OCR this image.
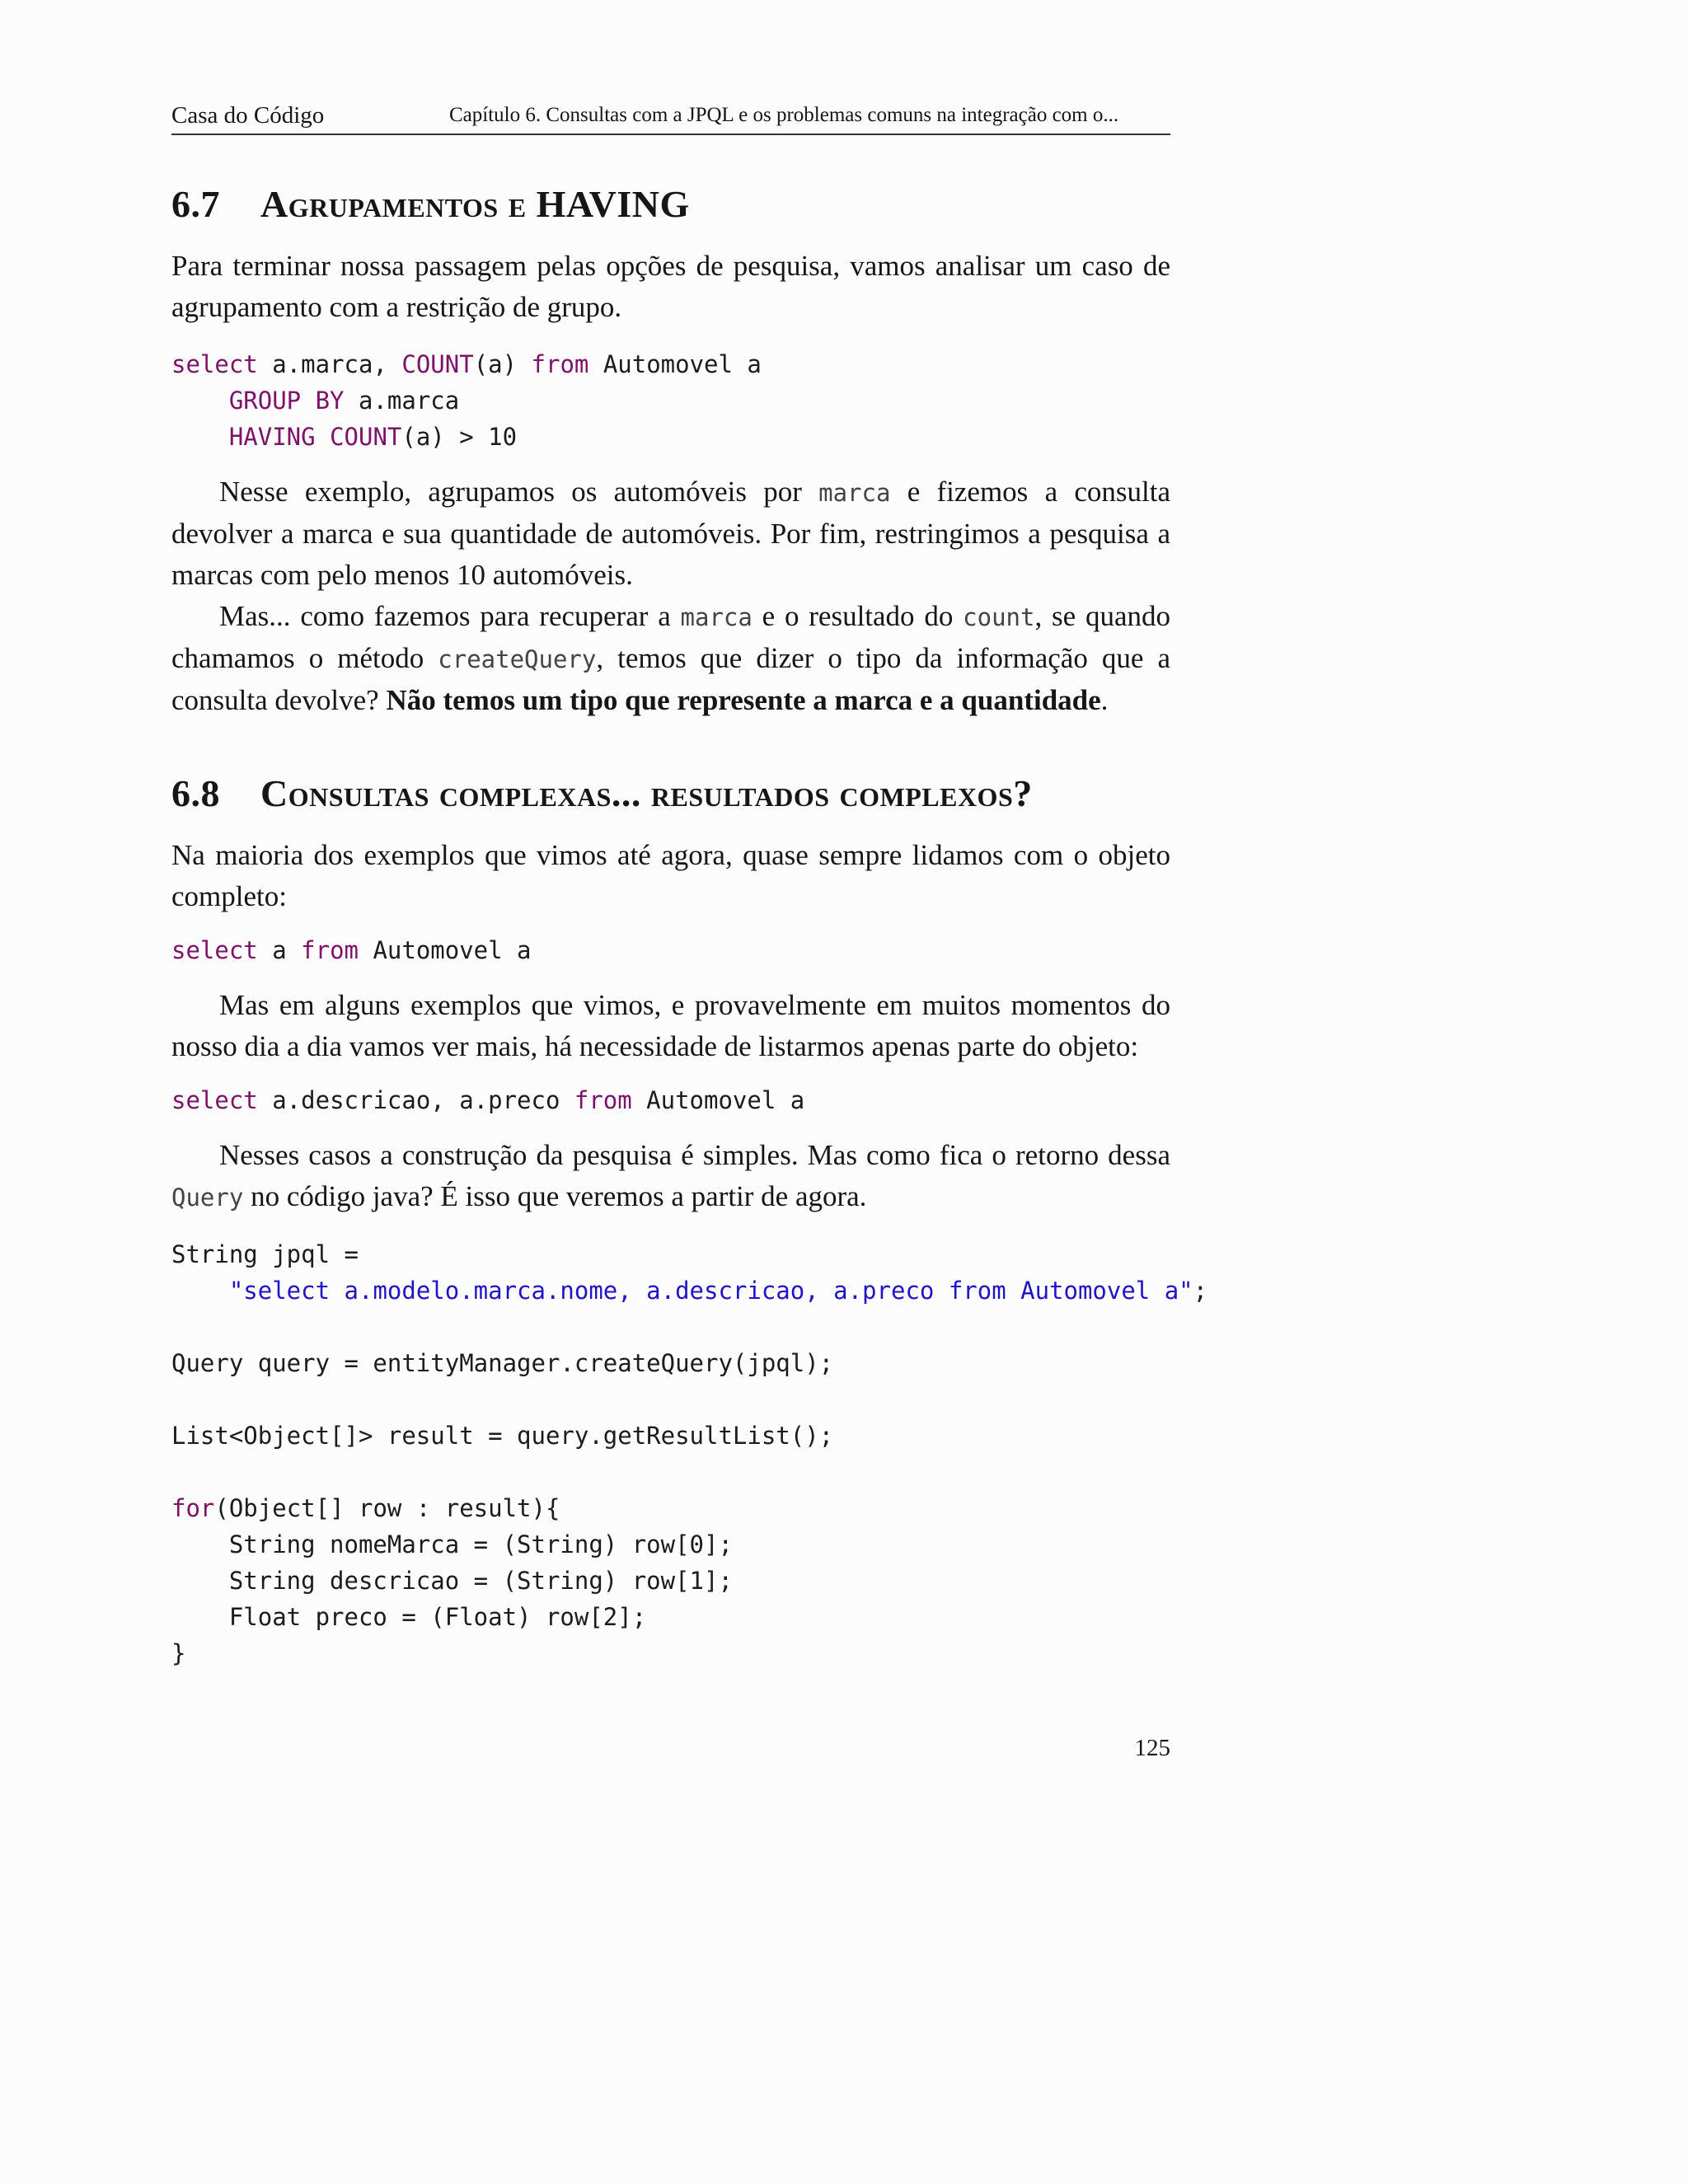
Casa do Código	Capítulo 6. Consultas com a JPQL e os problemas comuns na integração com o...
6.7 Agrupamentos e HAVING

Para terminar nossa passagem pelas opções de pesquisa, vamos analisar um caso de agrupamento com a restrição de grupo.

select a.marca, COUNT(a) from Automovel a
GROUP BY a.marca
HAVING COUNT(a) > 10

Nesse exemplo, agrupamos os automóveis por marca e fizemos a consulta devolver a marca e sua quantidade de automóveis. Por fim, restringimos a pesquisa a marcas com pelo menos 10 automóveis.

Mas... como fazemos para recuperar a marca e o resultado do count, se quando chamamos o método createQuery, temos que dizer o tipo da informação que a consulta devolve? Não temos um tipo que represente a marca e a quantidade.

6.8 Consultas complexas... resultados complexos?

Na maioria dos exemplos que vimos até agora, quase sempre lidamos com o objeto completo:

select a from Automovel a

Mas em alguns exemplos que vimos, e provavelmente em muitos momentos do nosso dia a dia vamos ver mais, há necessidade de listarmos apenas parte do objeto:

select a.descricao, a.preco from Automovel a

Nesses casos a construção da pesquisa é simples. Mas como fica o retorno dessa Query no código java? É isso que veremos a partir de agora.

String jpql =
"select a.modelo.marca.nome, a.descricao, a.preco from Automovel a";

Query query = entityManager.createQuery(jpql);

List<Object[]> result = query.getResultList();

for(Object[] row : result){
String nomeMarca = (String) row[0];
String descricao = (String) row[1];
Float preco = (Float) row[2];
}
125
